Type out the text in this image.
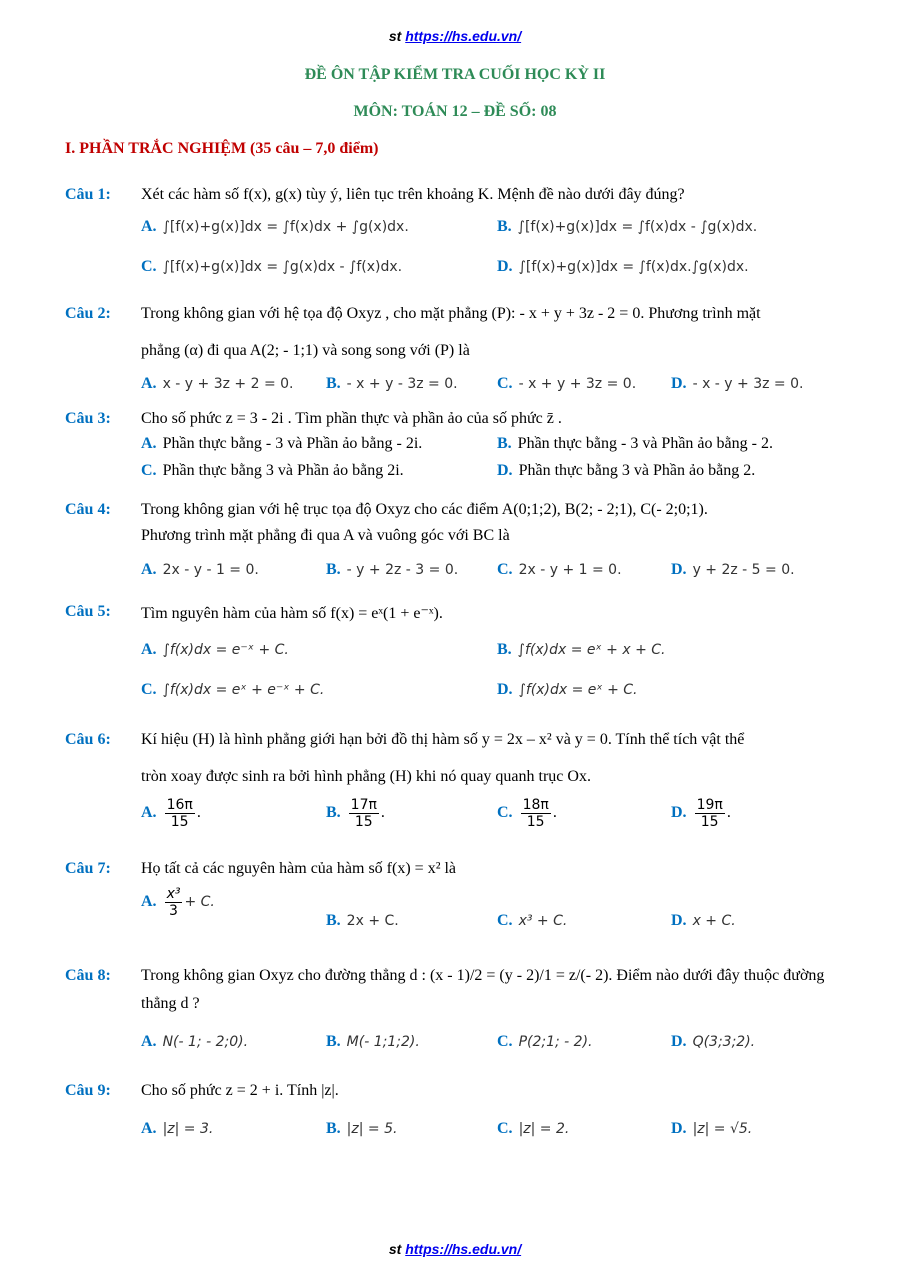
st https://hs.edu.vn/
ĐỀ ÔN TẬP KIỂM TRA CUỐI HỌC KỲ II
MÔN: TOÁN 12 – ĐỀ SỐ: 08
I. PHẦN TRẮC NGHIỆM (35 câu – 7,0 điểm)
Câu 1: Xét các hàm số f(x), g(x) tùy ý, liên tục trên khoảng K. Mệnh đề nào dưới đây đúng?
A. ∫[f(x)+g(x)]dx = ∫f(x)dx + ∫g(x)dx.	B. ∫[f(x)+g(x)]dx = ∫f(x)dx - ∫g(x)dx.
C. ∫[f(x)+g(x)]dx = ∫g(x)dx - ∫f(x)dx.	D. ∫[f(x)+g(x)]dx = ∫f(x)dx.∫g(x)dx.
Câu 2: Trong không gian với hệ tọa độ Oxyz , cho mặt phẳng (P): - x + y + 3z - 2 = 0. Phương trình mặt
phẳng (α) đi qua A(2; - 1;1) và song song với (P) là
A. x - y + 3z + 2 = 0. B. - x + y - 3z = 0. C. - x + y + 3z = 0. D. - x - y + 3z = 0.
Câu 3: Cho số phức z = 3 - 2i . Tìm phần thực và phần ảo của số phức z̄ .
A. Phần thực bằng - 3 và Phần ảo bằng - 2i.	B. Phần thực bằng - 3 và Phần ảo bằng - 2.
C. Phần thực bằng 3 và Phần ảo bằng 2i.	D. Phần thực bằng 3 và Phần ảo bằng 2.
Câu 4: Trong không gian với hệ trục tọa độ Oxyz cho các điểm A(0;1;2), B(2; - 2;1), C(- 2;0;1).
Phương trình mặt phẳng đi qua A và vuông góc với BC là
A. 2x - y - 1 = 0.	B. - y + 2z - 3 = 0. C. 2x - y + 1 = 0.	D. y + 2z - 5 = 0.
Câu 5: Tìm nguyên hàm của hàm số f(x) = eˣ(1 + e⁻ˣ).
A. ∫f(x)dx = e⁻ˣ + C.	B. ∫f(x)dx = eˣ + x + C.
C. ∫f(x)dx = eˣ + e⁻ˣ + C.	D. ∫f(x)dx = eˣ + C.
Câu 6: Kí hiệu (H) là hình phẳng giới hạn bởi đồ thị hàm số y = 2x – x² và y = 0. Tính thể tích vật thể
tròn xoay được sinh ra bởi hình phẳng (H) khi nó quay quanh trục Ox.
A. $\frac{16\pi}{15}$ .	B. $\frac{17\pi}{15}$ .	C. $\frac{18\pi}{15}$ .	D. $\frac{19\pi}{15}$ .
Câu 7: Họ tất cả các nguyên hàm của hàm số f(x) = x² là
A. $\frac{\text{x³}}{3} + C$.
B. 2x + C.	C. x³ + C.	D. x + C.
Câu 8: Trong không gian Oxyz cho đường thẳng d : (x - 1)/2 = (y - 2)/1 = z/(- 2). Điểm nào dưới đây thuộc đường
thẳng d ?
A. N(- 1; - 2;0).	B. M(- 1;1;2).	C. P(2;1; - 2).	D. Q(3;3;2).
Câu 9: Cho số phức z = 2 + i. Tính |z|.
A. |z| = 3.	B. |z| = 5.	C. |z| = 2.	D. |z| = √5.
st https://hs.edu.vn/
